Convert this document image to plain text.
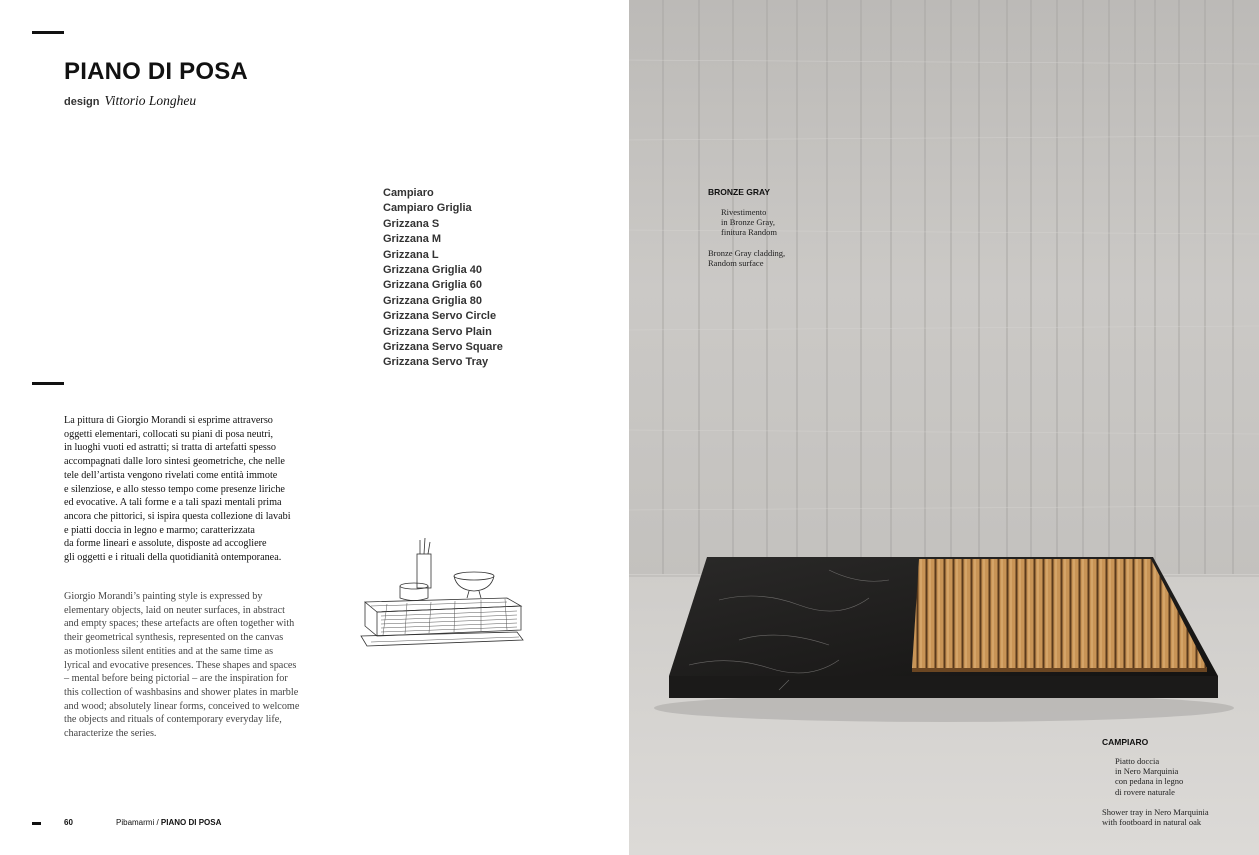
PIANO DI POSA
design Vittorio Longheu
Campiaro
Campiaro Griglia
Grizzana S
Grizzana M
Grizzana L
Grizzana Griglia 40
Grizzana Griglia 60
Grizzana Griglia 80
Grizzana Servo Circle
Grizzana Servo Plain
Grizzana Servo Square
Grizzana Servo Tray
La pittura di Giorgio Morandi si esprime attraverso
oggetti elementari, collocati su piani di posa neutri,
in luoghi vuoti ed astratti; si tratta di artefatti spesso
accompagnati dalle loro sintesi geometriche, che nelle
tele dell’artista vengono rivelati come entità immote
e silenziose, e allo stesso tempo come presenze liriche
ed evocative. A tali forme e a tali spazi mentali prima
ancora che pittorici, si ispira questa collezione di lavabi
e piatti doccia in legno e marmo; caratterizzata
da forme lineari e assolute, disposte ad accogliere
gli oggetti e i rituali della quotidianità ontemporanea.
Giorgio Morandi’s painting style is expressed by
elementary objects, laid on neuter surfaces, in abstract
and empty spaces; these artefacts are often together with
their geometrical synthesis, represented on the canvas
as motionless silent entities and at the same time as
lyrical and evocative presences. These shapes and spaces
– mental before being pictorial – are the inspiration for
this collection of washbasins and shower plates in marble
and wood; absolutely linear forms, conceived to welcome
the objects and rituals of contemporary everyday life,
characterize the series.
60	Pibamarmi / PIANO DI POSA
BRONZE GRAY
Rivestimento
in Bronze Gray,
finitura Random
Bronze Gray cladding,
Random surface
CAMPIARO
Piatto doccia
in Nero Marquinia
con pedana in legno
di rovere naturale
Shower tray in Nero Marquinia
with footboard in natural oak
